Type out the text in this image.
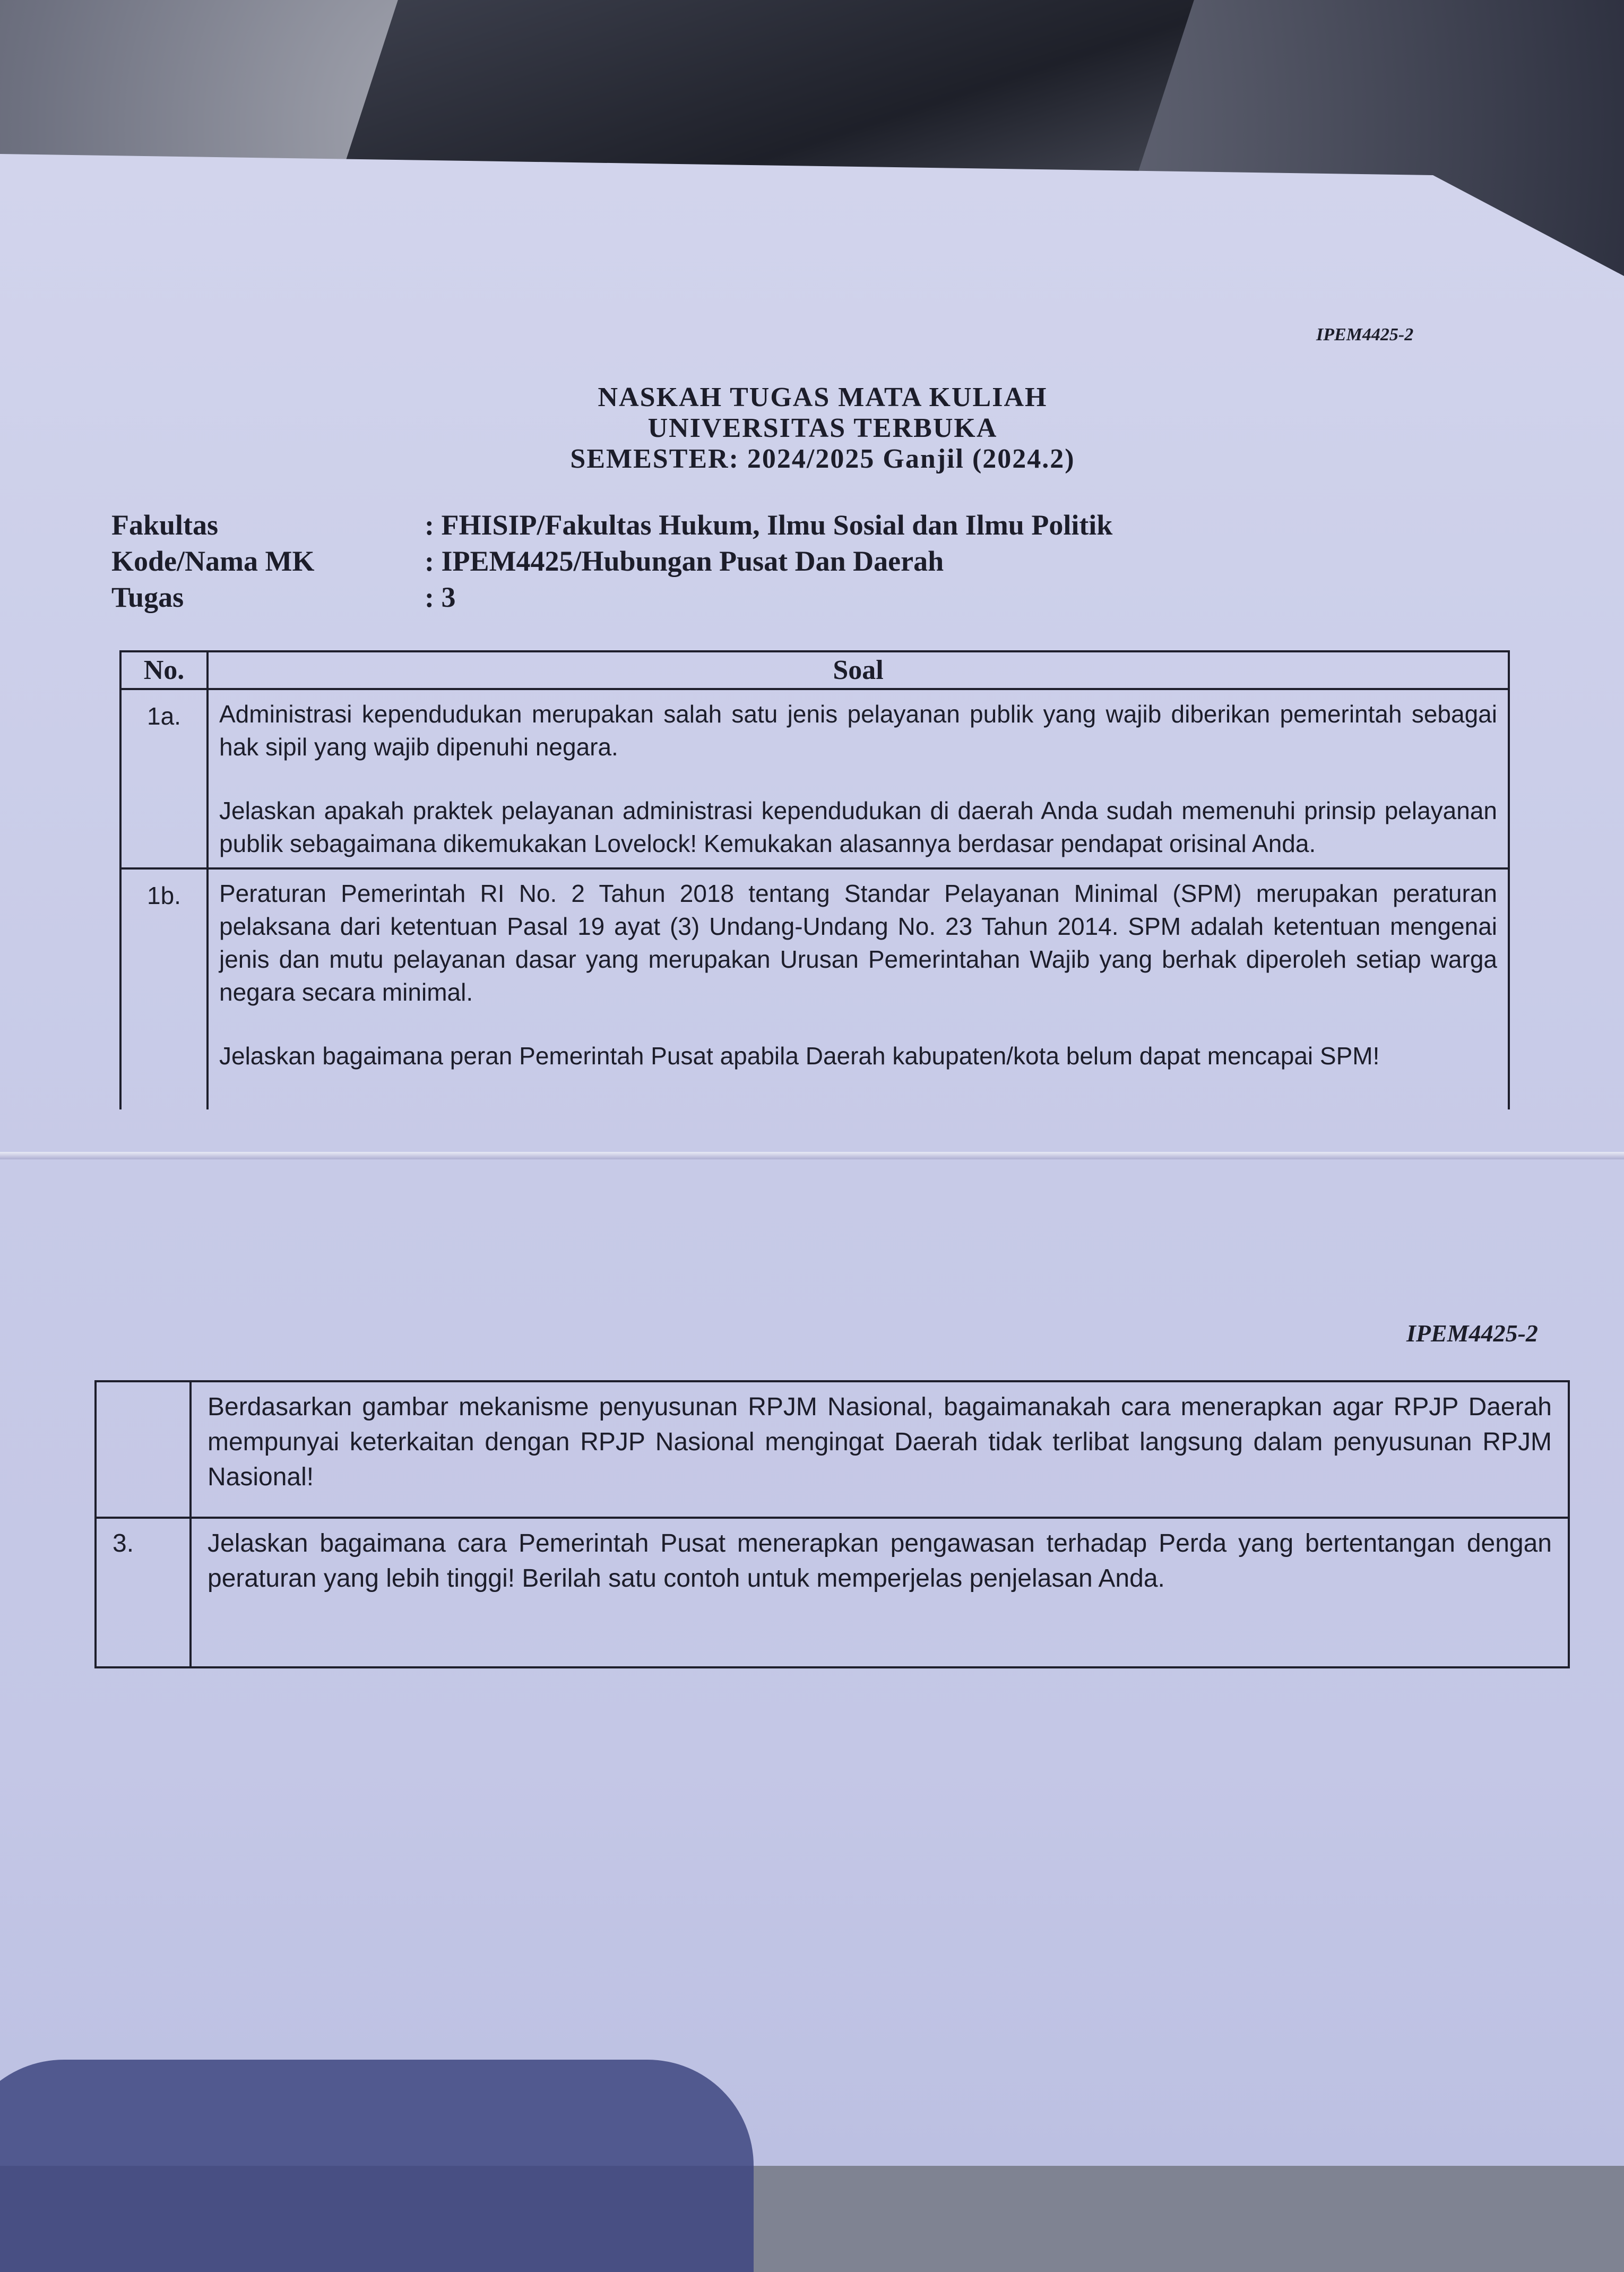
IPEM4425-2
NASKAH TUGAS MATA KULIAH
UNIVERSITAS TERBUKA
SEMESTER: 2024/2025 Ganjil (2024.2)
Fakultas	: FHISIP/Fakultas Hukum, Ilmu Sosial dan Ilmu Politik
Kode/Nama MK	: IPEM4425/Hubungan Pusat Dan Daerah
Tugas	: 3
No.	Soal
1a.	Administrasi kependudukan merupakan salah satu jenis pelayanan publik yang wajib diberikan pemerintah sebagai hak sipil yang wajib dipenuhi negara.

Jelaskan apakah praktek pelayanan administrasi kependudukan di daerah Anda sudah memenuhi prinsip pelayanan publik sebagaimana dikemukakan Lovelock! Kemukakan alasannya berdasar pendapat orisinal Anda.

1b.	Peraturan Pemerintah RI No. 2 Tahun 2018 tentang Standar Pelayanan Minimal (SPM) merupakan peraturan pelaksana dari ketentuan Pasal 19 ayat (3) Undang-Undang No. 23 Tahun 2014. SPM adalah ketentuan mengenai jenis dan mutu pelayanan dasar yang merupakan Urusan Pemerintahan Wajib yang berhak diperoleh setiap warga negara secara minimal.

Jelaskan bagaimana peran Pemerintah Pusat apabila Daerah kabupaten/kota belum dapat mencapai SPM!

IPEM4425-2

	Berdasarkan gambar mekanisme penyusunan RPJM Nasional, bagaimanakah cara menerapkan agar RPJP Daerah mempunyai keterkaitan dengan RPJP Nasional mengingat Daerah tidak terlibat langsung dalam penyusunan RPJM Nasional!

3.	Jelaskan bagaimana cara Pemerintah Pusat menerapkan pengawasan terhadap Perda yang bertentangan dengan peraturan yang lebih tinggi! Berilah satu contoh untuk memperjelas penjelasan Anda.
